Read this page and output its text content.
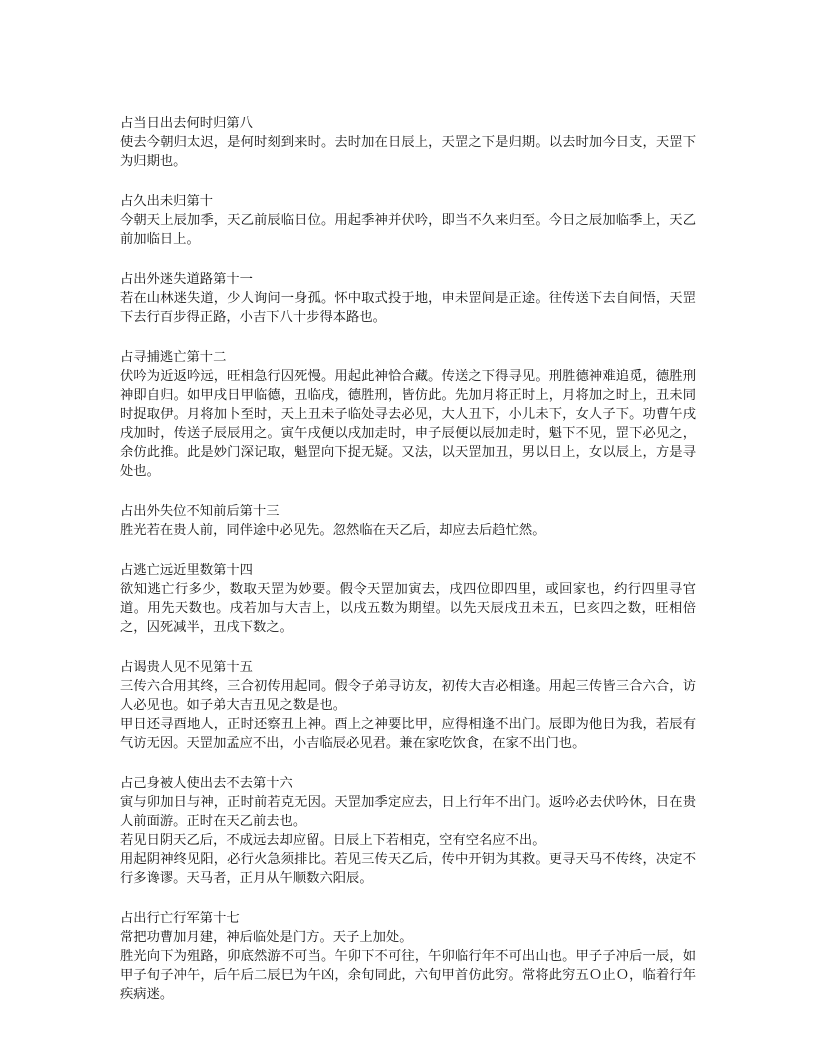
占当日出去何时归第八

使去今朝归太迟，是何时刻到来时。去时加在日辰上，天罡之下是归期。以去时加今日支，天罡下为归期也。

占久出未归第十

今朝天上辰加季，天乙前辰临日位。用起季神并伏吟，即当不久来归至。今日之辰加临季上，天乙前加临日上。

占出外迷失道路第十一

若在山林迷失道，少人询问一身孤。怀中取式投于地，申未罡间是正途。往传送下去自间悟，天罡下去行百步得正路，小吉下八十步得本路也。

占寻捕逃亡第十二

伏吟为近返吟远，旺相急行囚死慢。用起此神恰合藏。传送之下得寻见。刑胜德神难追觅，德胜刑神即自归。如甲戌日甲临德，丑临戌，德胜刑，皆仿此。先加月将正时上，月将加之时上，丑未同时捉取伊。月将加卜至时，天上丑未子临处寻去必见，大人丑下，小儿未下，女人子下。功曹午戌戌加时，传送子辰辰用之。寅午戌便以戌加走时，申子辰便以辰加走时，魁下不见，罡下必见之，余仿此推。此是妙门深记取，魁罡向下捉无疑。又法，以天罡加丑，男以日上，女以辰上，方是寻处也。

占出外失位不知前后第十三

胜光若在贵人前，同伴途中必见先。忽然临在天乙后，却应去后趋忙然。

占逃亡远近里数第十四

欲知逃亡行多少，数取天罡为妙要。假令天罡加寅去，戌四位即四里，或回家也，约行四里寻官道。用先天数也。戌若加与大吉上，以戌五数为期望。以先天辰戌丑未五，巳亥四之数，旺相倍之，囚死减半，丑戌下数之。

占谒贵人见不见第十五

三传六合用其终，三合初传用起同。假令子弟寻访友，初传大吉必相逢。用起三传皆三合六合，访人必见也。如子弟大吉丑见之数是也。

甲日还寻酉地人，正时还察丑上神。酉上之神要比甲，应得相逢不出门。辰即为他日为我，若辰有气访无因。天罡加孟应不出，小吉临辰必见君。兼在家吃饮食，在家不出门也。

占己身被人使出去不去第十六

寅与卯加日与神，正时前若克无因。天罡加季定应去，日上行年不出门。返吟必去伏吟休，日在贵人前面游。正时在天乙前去也。

若见日阴天乙后，不成远去却应留。日辰上下若相克，空有空名应不出。

用起阴神终见阳，必行火急须排比。若见三传天乙后，传中开钥为其救。更寻天马不传终，决定不行多谗谬。天马者，正月从午顺数六阳辰。

占出行亡行军第十七

常把功曹加月建，神后临处是门方。天子上加处。

胜光向下为殂路，卯底然游不可当。午卯下不可往，午卯临行年不可出山也。甲子子冲后一辰，如甲子旬子冲午，后午后二辰巳为午凶，余旬同此，六旬甲首仿此穷。常将此穷五Ｏ止Ｏ，临着行年疾病迷。
